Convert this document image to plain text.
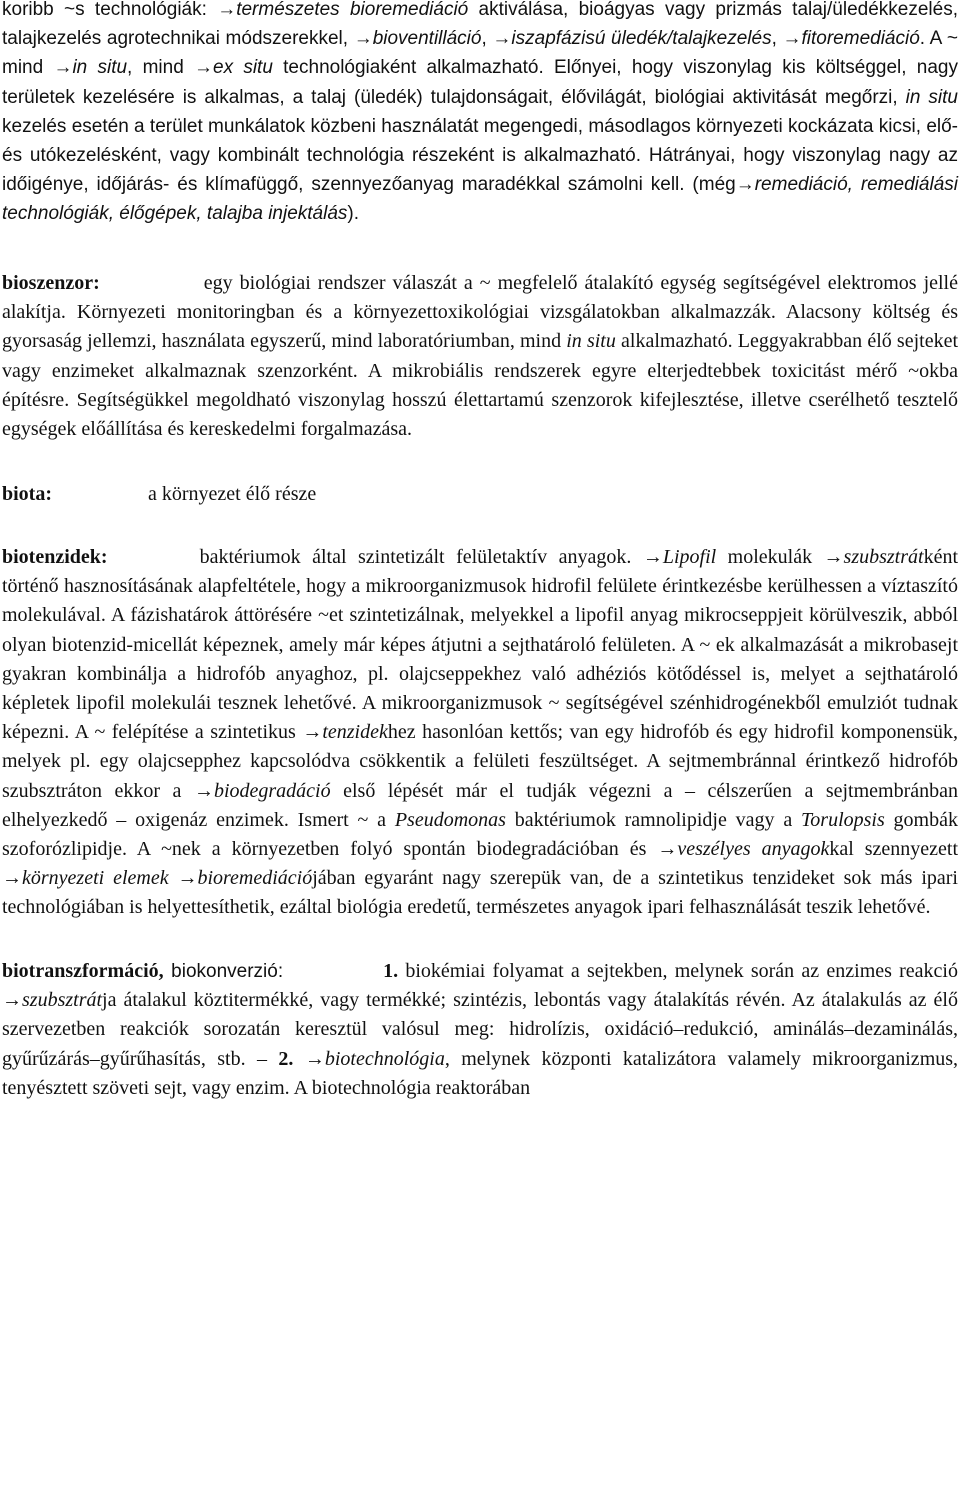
koribb ~s technológiák: →természetes bioremediáció aktiválása, bioágyas vagy prizmás talaj/üledékkezelés, talajkezelés agrotechnikai módszerekkel, →bioventilláció, →iszapfázisú üledék/talajkezelés, →fitoremediáció. A ~ mind →in situ, mind →ex situ technológiaként alkalmazható. Előnyei, hogy viszonylag kis költséggel, nagy területek kezelésére is alkalmas, a talaj (üledék) tulajdonságait, élővilágát, biológiai aktivitását megőrzi, in situ kezelés esetén a terület munkálatok közbeni használatát megengedi, másodlagos környezeti kockázata kicsi, elő- és utókezelésként, vagy kombinált technológia részeként is alkalmazható. Hátrányai, hogy viszonylag nagy az időigénye, időjárás- és klímafüggő, szennyezőanyag maradékkal számolni kell. (még→remediáció, remediálási technológiák, élőgépek, talajba injektálás).

bioszenzor:	egy biológiai rendszer válaszát a ~ megfelelő átalakító egység segítségével elektromos jellé alakítja. Környezeti monitoringban és a környezettoxikológiai vizsgálatokban alkalmazzák. Alacsony költség és gyorsaság jellemzi, használata egyszerű, mind laboratóriumban, mind in situ alkalmazható. Leggyakrabban élő sejteket vagy enzimeket alkalmaznak szenzorként. A mikrobiális rendszerek egyre elterjedtebbek toxicitást mérő ~okba építésre. Segítségükkel megoldható viszonylag hosszú élettartamú szenzorok kifejlesztése, illetve cserélhető tesztelő egységek előállítása és kereskedelmi forgalmazása.

biota:	a környezet élő része

biotenzidek:	baktériumok által szintetizált felületaktív anyagok. →Lipofil molekulák →szubsztrátként történő hasznosításának alapfeltétele, hogy a mikroorganizmusok hidrofil felülete érintkezésbe kerülhessen a víztaszító molekulával. A fázishatárok áttörésére ~et szintetizálnak, melyekkel a lipofil anyag mikrocseppjeit körülveszik, abból olyan biotenzid-micellát képeznek, amely már képes átjutni a sejthatároló felületen. A ~ ek alkalmazását a mikrobasejt gyakran kombinálja a hidrofób anyaghoz, pl. olajcseppekhez való adhéziós kötődéssel is, melyet a sejthatároló képletek lipofil molekulái tesznek lehetővé. A mikroorganizmusok ~ segítségével szénhidrogénekből emulziót tudnak képezni. A ~ felépítése a szintetikus →tenzidekhez hasonlóan kettős; van egy hidrofób és egy hidrofil komponensük, melyek pl. egy olajcsepphez kapcsolódva csökkentik a felületi feszültséget. A sejtmembránnal érintkező hidrofób szubsztráton ekkor a →biodegradáció első lépését már el tudják végezni a – célszerűen a sejtmembránban elhelyezkedő – oxigenáz enzimek. Ismert ~ a Pseudomonas baktériumok ramnolipidje vagy a Torulopsis gombák szoforózlipidje. A ~nek a környezetben folyó spontán biodegradációban és →veszélyes anyagokkal szennyezett →környezeti elemek →bioremediációjában egyaránt nagy szerepük van, de a szintetikus tenzideket sok más ipari technológiában is helyettesíthetik, ezáltal biológia eredetű, természetes anyagok ipari felhasználását teszik lehetővé.

biotranszformáció, biokonverzió:	1. biokémiai folyamat a sejtekben, melynek során az enzimes reakció →szubsztrátja átalakul köztitermékké, vagy termékké; szintézis, lebontás vagy átalakítás révén. Az átalakulás az élő szervezetben reakciók sorozatán keresztül valósul meg: hidrolízis, oxidáció–redukció, aminálás–dezaminálás, gyűrűzárás–gyűrűhasítás, stb. – 2. →biotechnológia, melynek központi katalizátora valamely mikroorganizmus, tenyésztett szöveti sejt, vagy enzim. A biotechnológia reaktorában
